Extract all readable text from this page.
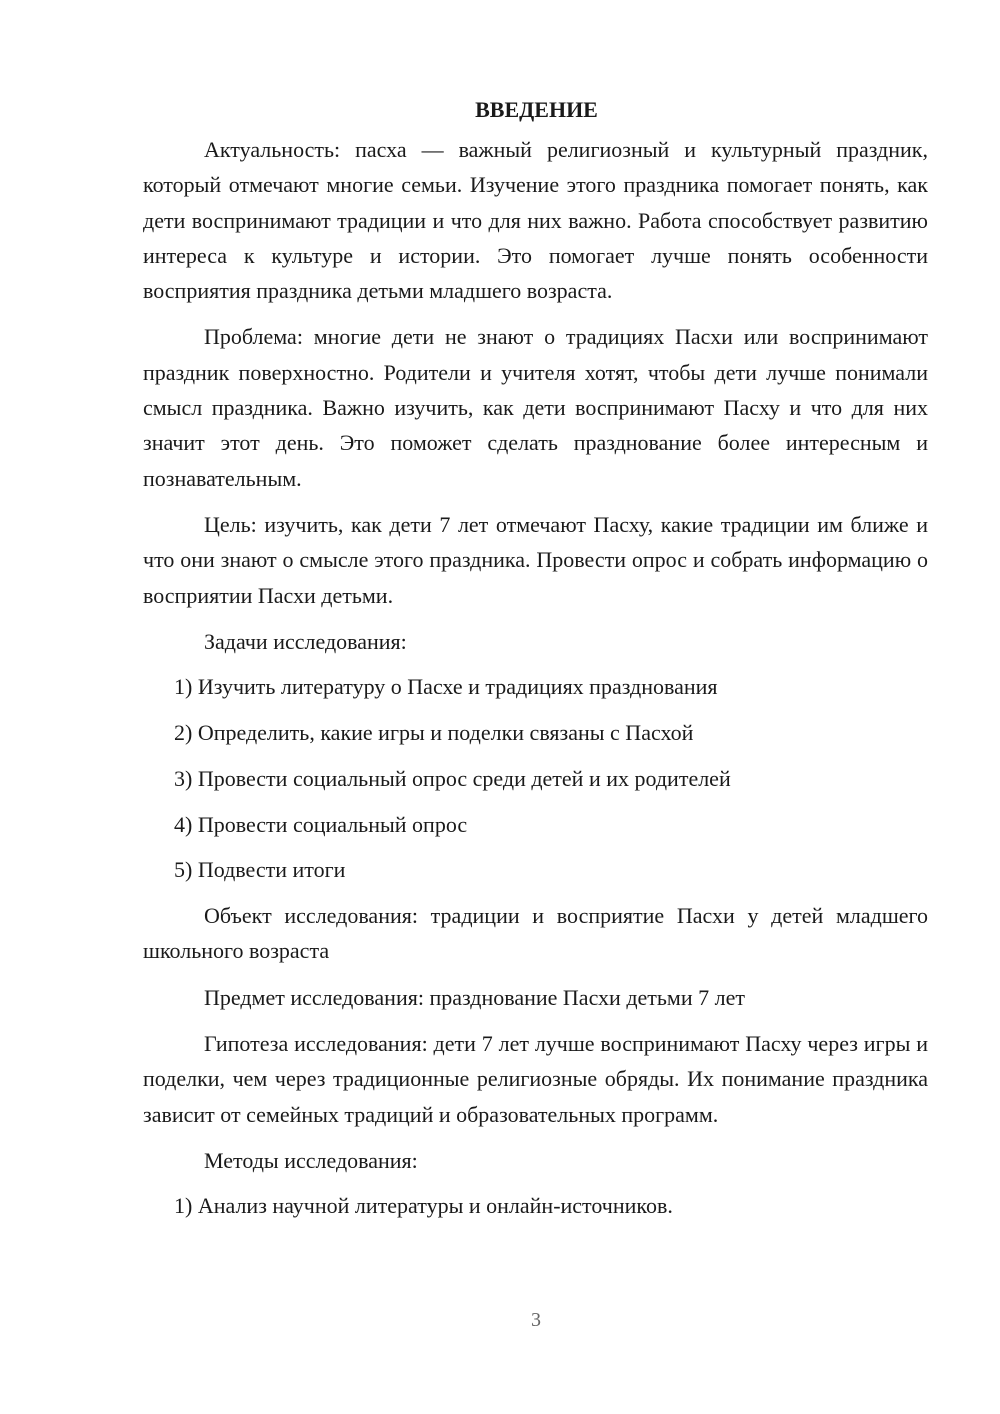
ВВЕДЕНИЕ

Актуальность: пасха — важный религиозный и культурный праздник, который отмечают многие семьи. Изучение этого праздника помогает понять, как дети воспринимают традиции и что для них важно. Работа способствует развитию интереса к культуре и истории. Это помогает лучше понять особенности восприятия праздника детьми младшего возраста.

Проблема: многие дети не знают о традициях Пасхи или воспринимают праздник поверхностно. Родители и учителя хотят, чтобы дети лучше понимали смысл праздника. Важно изучить, как дети воспринимают Пасху и что для них значит этот день. Это поможет сделать празднование более интересным и познавательным.

Цель: изучить, как дети 7 лет отмечают Пасху, какие традиции им ближе и что они знают о смысле этого праздника. Провести опрос и собрать информацию о восприятии Пасхи детьми.

Задачи исследования:

1) Изучить литературу о Пасхе и традициях празднования

2) Определить, какие игры и поделки связаны с Пасхой

3) Провести социальный опрос среди детей и их родителей

4) Провести социальный опрос

5) Подвести итоги

Объект исследования: традиции и восприятие Пасхи у детей младшего школьного возраста

Предмет исследования: празднование Пасхи детьми 7 лет

Гипотеза исследования: дети 7 лет лучше воспринимают Пасху через игры и поделки, чем через традиционные религиозные обряды. Их понимание праздника зависит от семейных традиций и образовательных программ.

Методы исследования:

1) Анализ научной литературы и онлайн-источников.

3
